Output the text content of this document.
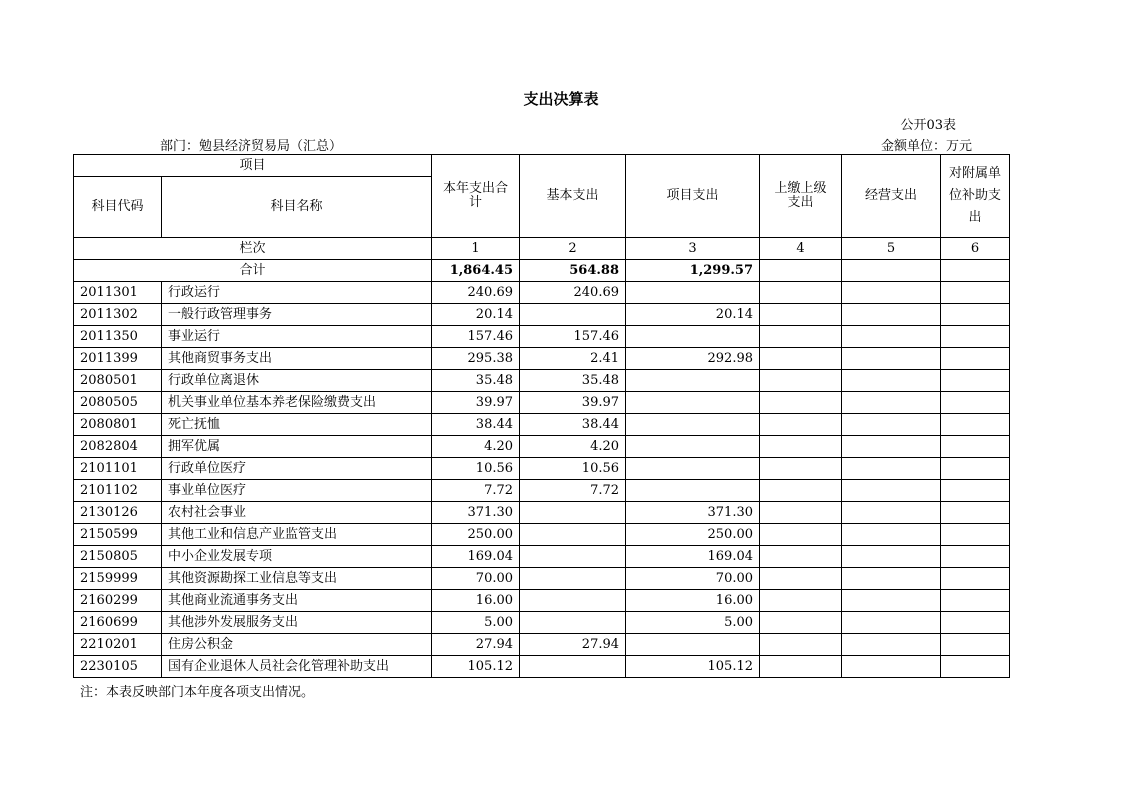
支出决算表
公开03表
部门：勉县经济贸易局（汇总）	金额单位：万元
项目		本年支出合计	基本支出	项目支出	上缴上级支出	经营支出	对附属单位补助支出
科目代码	科目名称						
栏次		1	2	3	4	5	6
合计		1,864.45	564.88	1,299.57			
2011301	行政运行	240.69	240.69				
2011302	一般行政管理事务	20.14		20.14			
2011350	事业运行	157.46	157.46				
2011399	其他商贸事务支出	295.38	2.41	292.98			
2080501	行政单位离退休	35.48	35.48				
2080505	机关事业单位基本养老保险缴费支出	39.97	39.97				
2080801	死亡抚恤	38.44	38.44				
2082804	拥军优属	4.20	4.20				
2101101	行政单位医疗	10.56	10.56				
2101102	事业单位医疗	7.72	7.72				
2130126	农村社会事业	371.30		371.30			
2150599	其他工业和信息产业监管支出	250.00		250.00			
2150805	中小企业发展专项	169.04		169.04			
2159999	其他资源勘探工业信息等支出	70.00		70.00			
2160299	其他商业流通事务支出	16.00		16.00			
2160699	其他涉外发展服务支出	5.00		5.00			
2210201	住房公积金	27.94	27.94				
2230105	国有企业退休人员社会化管理补助支出	105.12		105.12			
注：本表反映部门本年度各项支出情况。
